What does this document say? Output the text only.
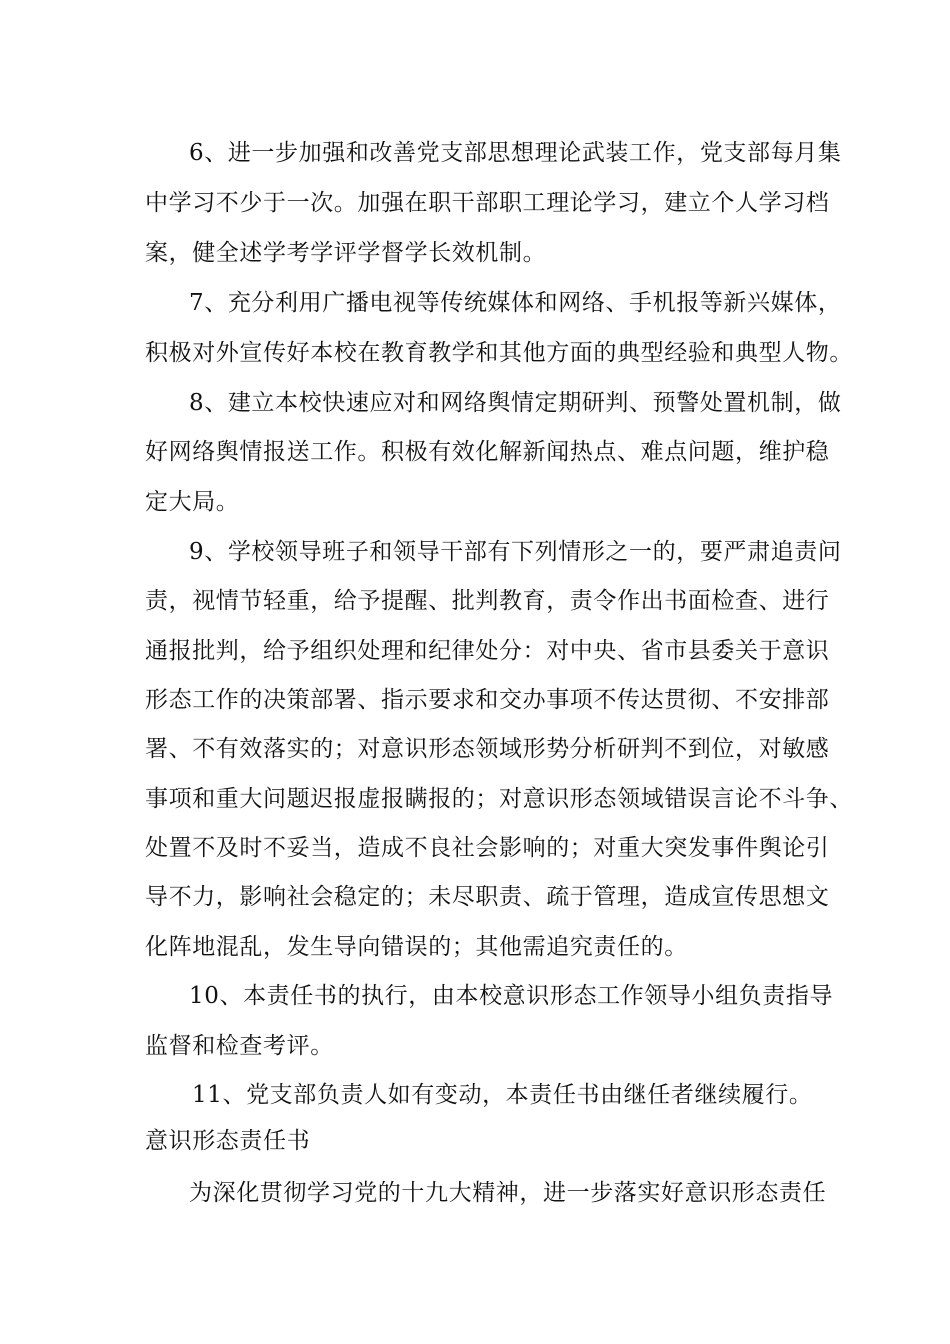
6、进一步加强和改善党支部思想理论武装工作，党支部每月集

中学习不少于一次。加强在职干部职工理论学习，建立个人学习档

案，健全述学考学评学督学长效机制。

7、充分利用广播电视等传统媒体和网络、手机报等新兴媒体，

积极对外宣传好本校在教育教学和其他方面的典型经验和典型人物。

8、建立本校快速应对和网络舆情定期研判、预警处置机制，做

好网络舆情报送工作。积极有效化解新闻热点、难点问题，维护稳

定大局。

9、学校领导班子和领导干部有下列情形之一的，要严肃追责问

责，视情节轻重，给予提醒、批判教育，责令作出书面检查、进行

通报批判，给予组织处理和纪律处分：对中央、省市县委关于意识

形态工作的决策部署、指示要求和交办事项不传达贯彻、不安排部

署、不有效落实的；对意识形态领域形势分析研判不到位，对敏感

事项和重大问题迟报虚报瞒报的；对意识形态领域错误言论不斗争、

处置不及时不妥当，造成不良社会影响的；对重大突发事件舆论引

导不力，影响社会稳定的；未尽职责、疏于管理，造成宣传思想文

化阵地混乱，发生导向错误的；其他需追究责任的。

10、本责任书的执行，由本校意识形态工作领导小组负责指导

监督和检查考评。

11、党支部负责人如有变动，本责任书由继任者继续履行。

意识形态责任书

为深化贯彻学习党的十九大精神，进一步落实好意识形态责任
